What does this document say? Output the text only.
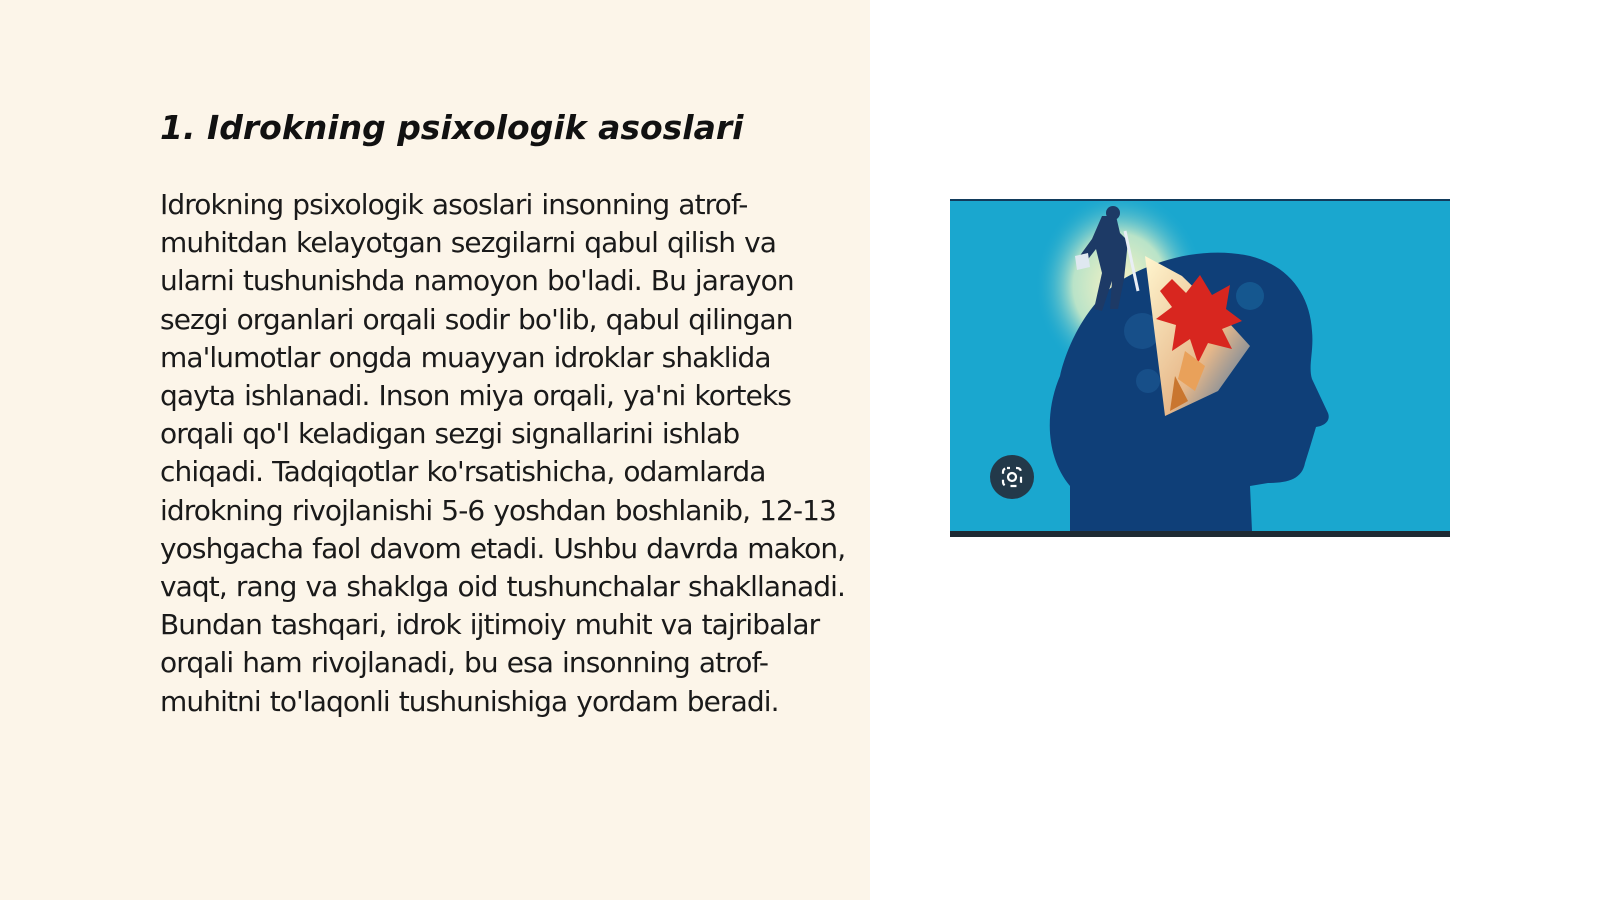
1. Idrokning psixologik asoslari

Idrokning psixologik asoslari insonning atrof-muhitdan kelayotgan sezgilarni qabul qilish va ularni tushunishda namoyon bo'ladi. Bu jarayon sezgi organlari orqali sodir bo'lib, qabul qilingan ma'lumotlar ongda muayyan idroklar shaklida qayta ishlanadi. Inson miya orqali, ya'ni korteks orqali qo'l keladigan sezgi signallarini ishlab chiqadi. Tadqiqotlar ko'rsatishicha, odamlarda idrokning rivojlanishi 5-6 yoshdan boshlanib, 12-13 yoshgacha faol davom etadi. Ushbu davrda makon, vaqt, rang va shaklga oid tushunchalar shakllanadi. Bundan tashqari, idrok ijtimoiy muhit va tajribalar orqali ham rivojlanadi, bu esa insonning atrof-muhitni to'laqonli tushunishiga yordam beradi.
